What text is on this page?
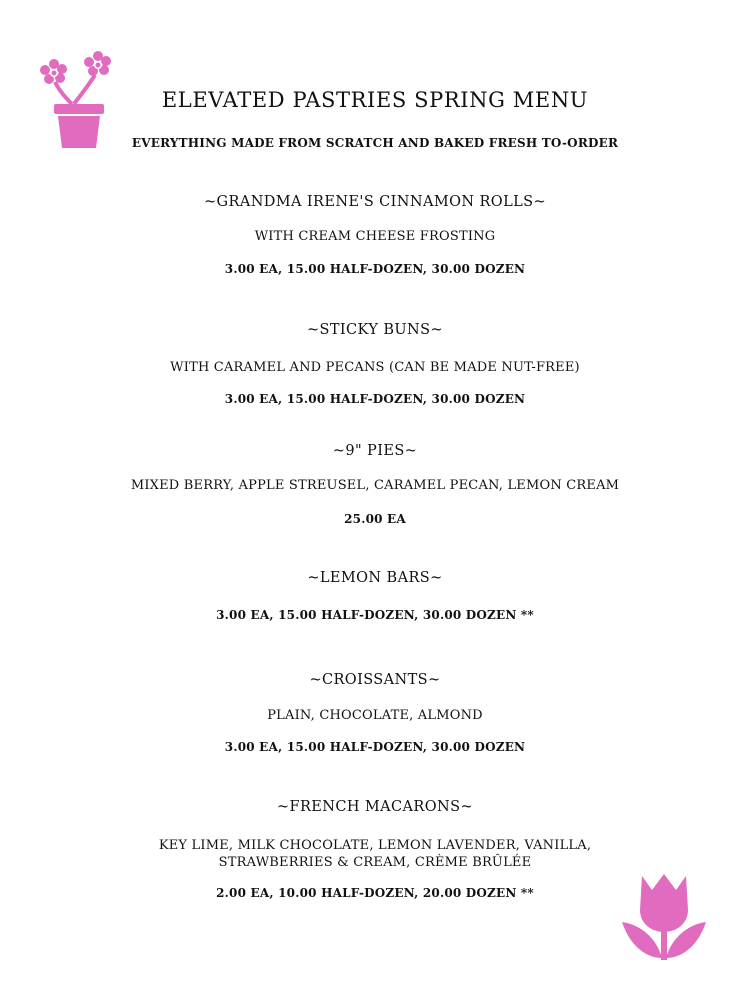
ELEVATED PASTRIES SPRING MENU
EVERYTHING MADE FROM SCRATCH AND BAKED FRESH TO-ORDER
~GRANDMA IRENE'S CINNAMON ROLLS~
WITH CREAM CHEESE FROSTING
3.00 EA, 15.00 HALF-DOZEN, 30.00 DOZEN
~STICKY BUNS~
WITH CARAMEL AND PECANS (CAN BE MADE NUT-FREE)
3.00 EA, 15.00 HALF-DOZEN, 30.00 DOZEN
~9" PIES~
MIXED BERRY, APPLE STREUSEL, CARAMEL PECAN, LEMON CREAM
25.00 EA
~LEMON BARS~
3.00 EA, 15.00 HALF-DOZEN, 30.00 DOZEN **
~CROISSANTS~
PLAIN, CHOCOLATE, ALMOND
3.00 EA, 15.00 HALF-DOZEN, 30.00 DOZEN
~FRENCH MACARONS~
KEY LIME, MILK CHOCOLATE, LEMON LAVENDER, VANILLA,
STRAWBERRIES & CREAM, CRÈME BRÛLÉE
2.00 EA, 10.00 HALF-DOZEN, 20.00 DOZEN **
